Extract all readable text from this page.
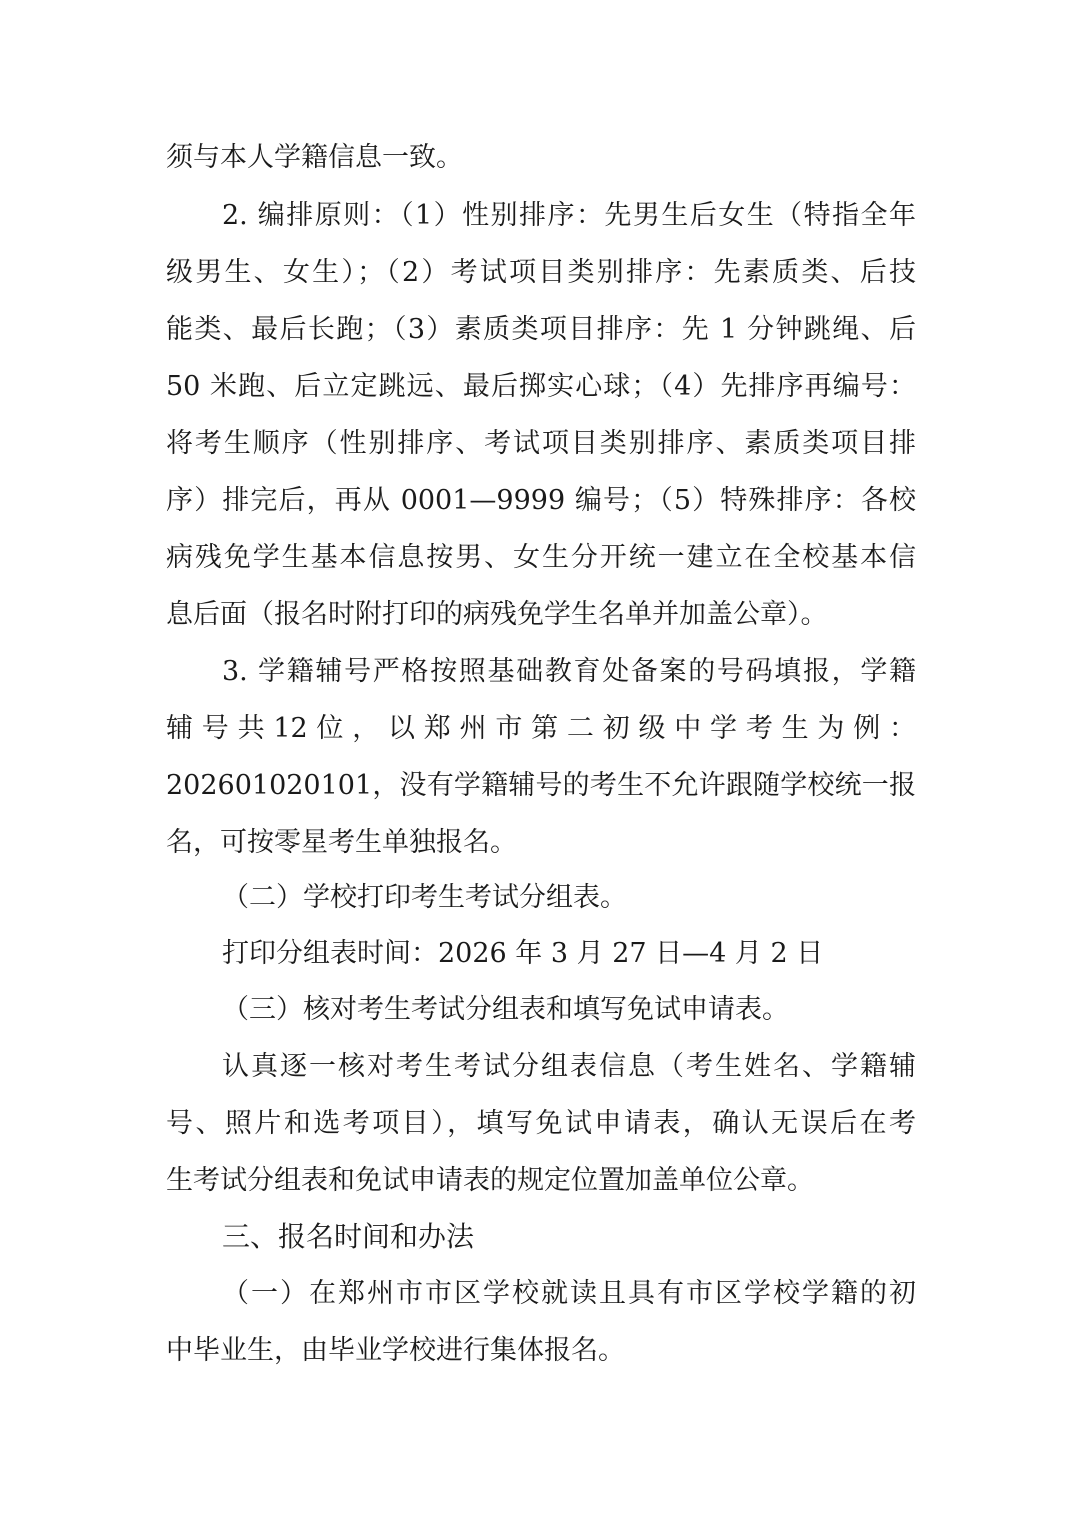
须与本人学籍信息一致。
2. 编排原则：（1）性别排序：先男生后女生（特指全年
级男生、女生）；（2）考试项目类别排序：先素质类、后技
能类、最后长跑；（3）素质类项目排序：先 1 分钟跳绳、后
50 米跑、后立定跳远、最后掷实心球；（4）先排序再编号：
将考生顺序（性别排序、考试项目类别排序、素质类项目排
序）排完后，再从 0001—9999 编号；（5）特殊排序：各校
病残免学生基本信息按男、女生分开统一建立在全校基本信
息后面（报名时附打印的病残免学生名单并加盖公章）。
3. 学籍辅号严格按照基础教育处备案的号码填报，学籍
辅 号 共 12 位 ， 以 郑 州 市 第 二 初 级 中 学 考 生 为 例 ：
202601020101，没有学籍辅号的考生不允许跟随学校统一报
名，可按零星考生单独报名。
（二）学校打印考生考试分组表。
打印分组表时间：2026 年 3 月 27 日—4 月 2 日
（三）核对考生考试分组表和填写免试申请表。
认真逐一核对考生考试分组表信息（考生姓名、学籍辅
号、照片和选考项目），填写免试申请表，确认无误后在考
生考试分组表和免试申请表的规定位置加盖单位公章。
三、报名时间和办法
（一）在郑州市市区学校就读且具有市区学校学籍的初
中毕业生，由毕业学校进行集体报名。
